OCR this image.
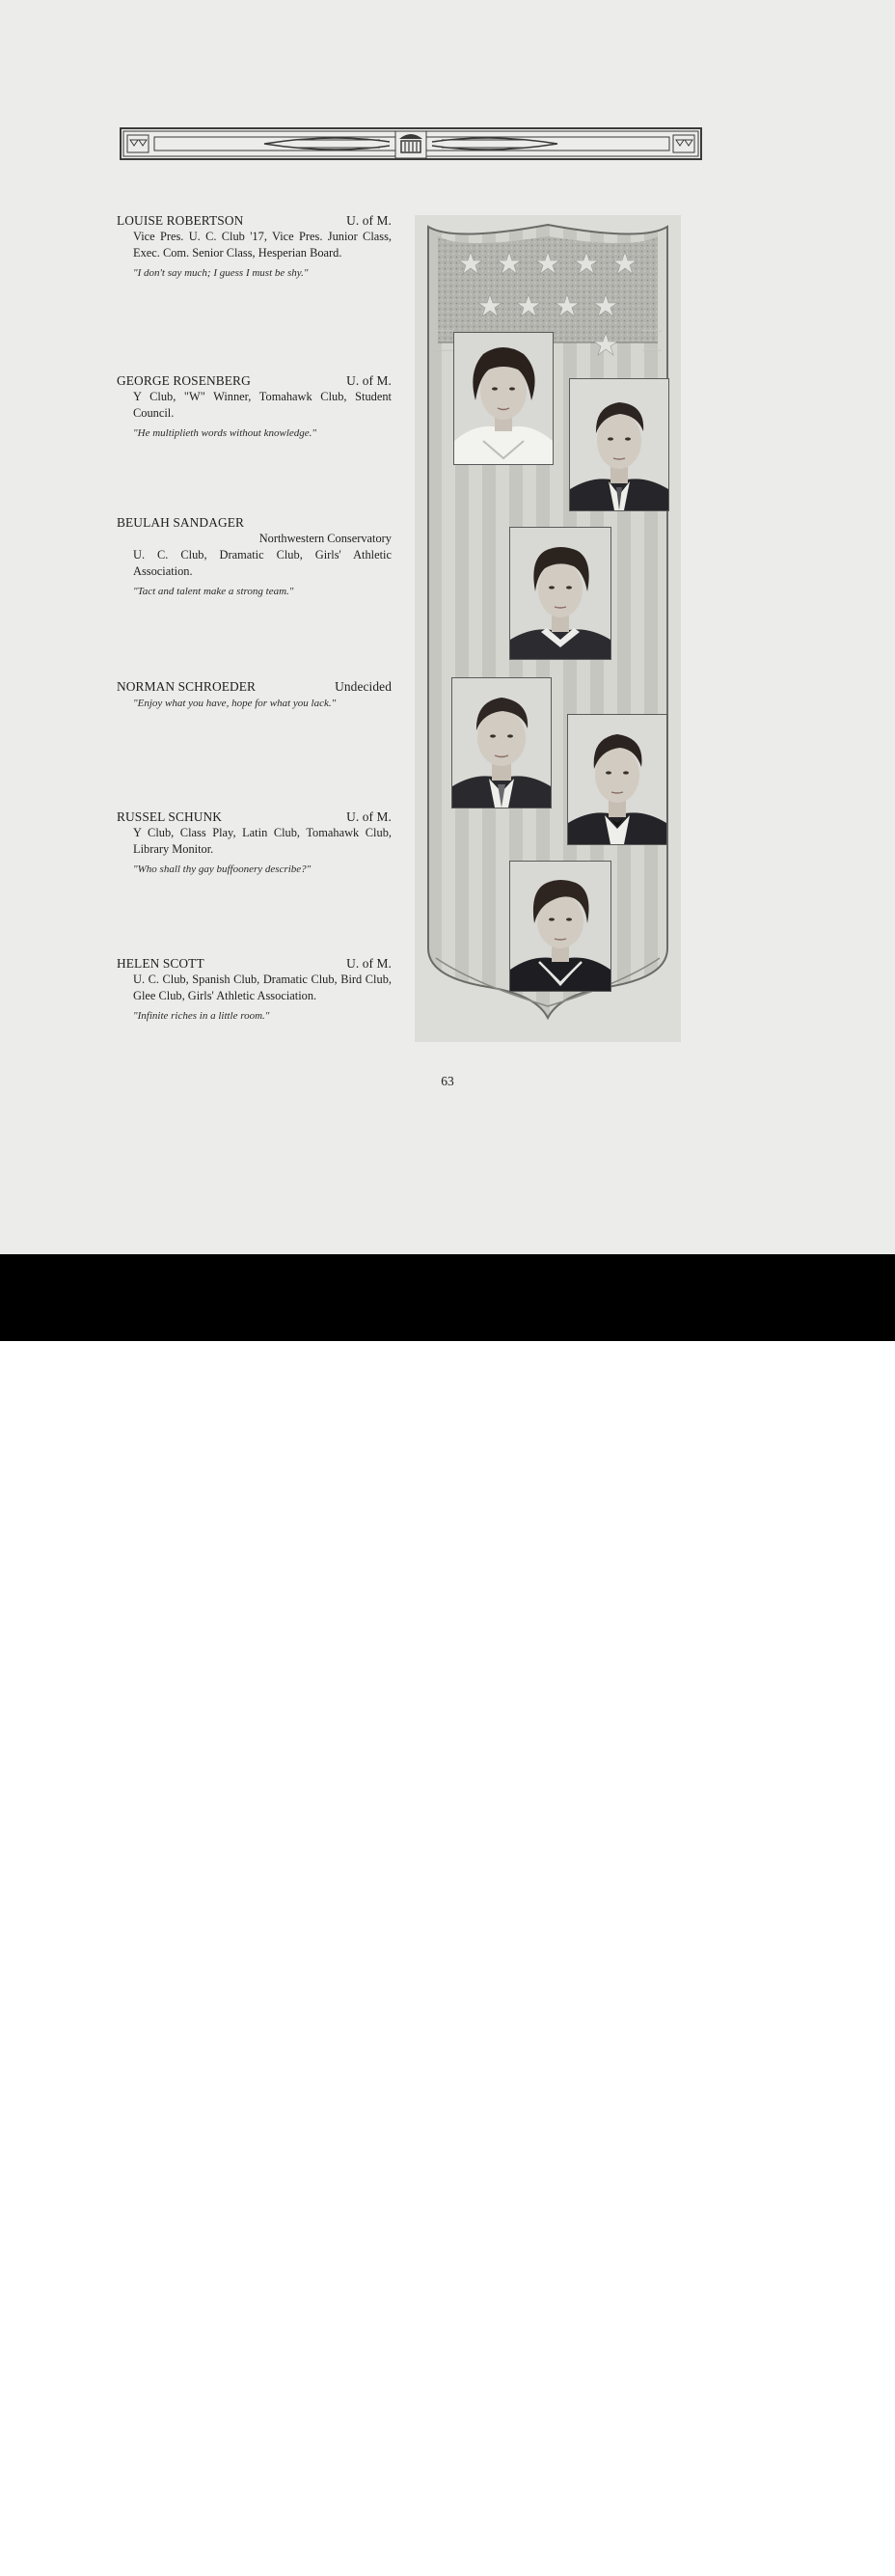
LOUISE ROBERTSON	U. of M.
Vice Pres. U. C. Club '17, Vice Pres. Junior Class, Exec. Com. Senior Class, Hesperian Board.
"I don't say much; I guess I must be shy."
GEORGE ROSENBERG	U. of M.
Y Club, "W" Winner, Tomahawk Club, Student Council.
"He multiplieth words without knowledge."
BEULAH SANDAGER
Northwestern Conservatory
U. C. Club, Dramatic Club, Girls' Athletic Association.
"Tact and talent make a strong team."
NORMAN SCHROEDER	Undecided
"Enjoy what you have, hope for what you lack."
RUSSEL SCHUNK	U. of M.
Y Club, Class Play, Latin Club, Tomahawk Club, Library Monitor.
"Who shall thy gay buffoonery describe?"
HELEN SCOTT	U. of M.
U. C. Club, Spanish Club, Dramatic Club, Bird Club, Glee Club, Girls' Athletic Association.
"Infinite riches in a little room."
63
alamy	3ACMACD
www.alamy.com
